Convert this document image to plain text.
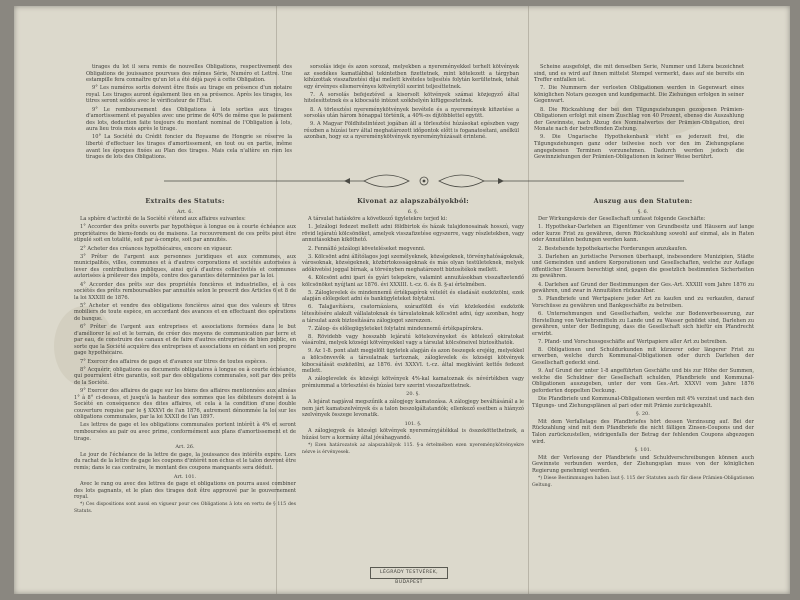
tirages du lot il sera remis de nouvelles Obligations, respectivement des Obligations de jouissance pourvues des mêmes Série, Numéro et Lettre. Une estampille fera connaître qu'un lot a été déjà payé à cette Obligation.

9° Les numéros sortis doivent être fixés au tirage en présence d'un notaire royal. Les tirages auront également lieu en sa présence. Après les tirages, les titres seront soldés avec le vérificateur de l'État.

9° Le remboursement des Obligations à lots sorties aux tirages d'amortissement et payables avec une prime de 40% de même que le paiement des lots, deduction faite toujours du montant nominal de l'Obligation à lots, aura lieu trois mois après le tirage.

10° La Société du Crédit foncier du Royaume de Hongrie se réserve la liberté d'effectuer les tirages d'amortissement, en tout ou en partie, même avant les époques fixées au Plan des tirages. Mais cela n'altère en rien les tirages de lots des Obligations.

sorsolás ideje és azon sorozat, melyekben a nyereményekkel terhelt kötvények az esedékes kamatlábbal tekintetben fizettetnek, mint kötelezett a tárgyban kihúzottak visszafizetési díjai mellett kivételes teljesítés folytán kerültetnek, tehát egy érvényes elismervényes kötvénytől szerint teljesíttetnek.

7. A sorsolás befejeztével a kisorsolt kötvények számai közjegyző által hitelesíttetnek és a kibocsátó intézet székhelyén kifüggesztetnek.

8. A törlesztési nyereménykötvények bevétele és a nyeremények kifizetése a sorsolás után három hónappal történik, a 40%-os díjtöbblettel együtt.

9. A Magyar Földhitelintézet jogában áll a törlesztési húzásokat egészben vagy részben a húzási terv által meghatározott időpontok előtt is foganatosítani, anélkül azonban, hogy ez a nyereménykötvények nyereményhúzásait érintené.

Scheine ausgefolgt, die mit denselben Serie, Nummer und Litera bezeichnet sind, und es wird auf ihnen mittelst Stempel vermerkt, dass auf sie bereits ein Treffer entfallen ist.

7. Die Nummern der verlosten Obligationen werden in Gegenwart eines königlichen Notars gezogen und kundgemacht. Die Ziehungen erfolgen in seiner Gegenwart.

8. Die Rückzahlung der bei den Tilgungsziehungen gezogenen Prämien-Obligationen erfolgt mit einem Zuschlag von 40 Prozent, ebenso die Auszahlung der Gewinnste, nach Abzug des Nominalwertes der Prämien-Obligation, drei Monate nach der betreffenden Ziehung.

9. Die Ungarische Hypothekenbank steht es jederzeit frei, die Tilgungsziehungen ganz oder teilweise noch vor den im Ziehungsplane angegebenen Terminen vorzunehmen. Dadurch werden jedoch die Gewinnziehungen der Prämien-Obligationen in keiner Weise berührt.

Extraits des Statuts:
Art. 6.

La sphère d'activité de la Société s'étend aux affaires suivantes:

1° Accorder des prêts ouverts par hypothèque à longue ou à courte échéance aux propriétaires de biens-fonds ou de maisons. Le recouvrement de ces prêts peut être stipulé soit en totalité, soit par à-compte, soit par annuités.

2° Acheter des créances hypothécaires, encore en vigueur.

3° Prêter de l'argent aux personnes juridiques et aux communes, aux municipalités, villes, communes et à d'autres corporations et sociétés autorisées à lever des contributions publiques, ainsi qu'à d'autres collectivités et communes autorisées à prélever des impôts, contre des garanties déterminées par la loi.

4° Accorder des prêts sur des propriétés foncières et industrielles, et à ces sociétés des prêts remboursables par annuités selon le prescrit des Articles 6 et 8 de la loi XXXIII de 1876.

5° Acheter et vendre des obligations foncières ainsi que des valeurs et titres mobiliers de toute espèce, en accordant des avances et en effectuant des opérations de banque.

6° Prêter de l'argent aux entreprises et associations formées dans le but d'améliorer le sol et le terrain, de créer des moyens de communication par terre et par eau, de construire des canaux et de faire d'autres entreprises de bien public, en sorte que la Société acquière des entreprises et associations en cédant en son propre gage hypothécaire.

7° Exercer des affaires de gage et d'avance sur titres de toutes espèces.

8° Acquérir, obligations ou documents obligataires à longue ou à courte échéance, qui pourraient être garantis, soit par des obligations communales, soit par des prêts de la Société.

9° Exercer des affaires de gage sur les biens des affaires mentionnées aux alinéas 1° à 8° ci-dessus, et jusqu'à la hauteur des sommes que les débiteurs doivent à la Société en conséquence des dites affaires, et cela à la condition d'une double couverture requise par le § XXXVI de l'an 1876, autrement dénommée la loi sur les obligations communales, par la loi XXXII de l'an 1897.

Les lettres de gage et les obligations communales portent intérêt à 4% et seront remboursées au pair ou avec prime, conformément aux plans d'amortissement et de tirage.

Art. 26.

Le jour de l'échéance de la lettre de gage, la jouissance des intérêts expire. Lors du rachat de la lettre de gage les coupons d'intérêt non échus et le talon devront être remis; dans le cas contraire, le montant des coupons manquants sera déduit.

Art. 101.

Avec le rang ou avec des lettres de gage et obligations on pourra aussi combiner des lots gagnants, et le plan des tirages doit être approuvé par le gouvernement royal.

*) Ces dispositions sont aussi en vigueur pour ces Obligations à lots en vertu de § 115 des Statuts.

Kivonat az alapszabályokból:
6. §.

A társulat hatásköre a következő ügyletekre terjed ki:

1. Jelzálogi fedezet mellett adni földbirtok és házak tulajdonosainak hosszú, vagy rövid lejáratú kölcsönöket, amelyek visszafizetése egyszerre, vagy részletekben, vagy annuitásokban kiköthető.

2. Fennálló jelzálogi követeléseket megvenni.

3. Kölcsönt adni állítólagos jogi személyeknek, községeknek, törvényhatóságoknak, városoknak, községeknek, közbirtokosságoknak és más olyan testületeknek, melyek adókivetési joggal bírnak, a törvényben meghatározott biztosítékok mellett.

4. Kölcsönt adni ipari és gyári telepekre, valamint annuitásokban visszafizetendő kölcsönöket nyújtani az 1876. évi XXXIII. t.-cz. 6. és 8. §-ai értelmében.

5. Záloglevelek és mindennemű értékpapírok vételét és eladását eszközölni, ezek alapján előlegeket adni és bankügyleteket folytatni.

6. Talajjavításra, csatornázásra, szárazföldi és vízi közlekedési eszközök létesítésére alakult vállalatoknak és társulatoknak kölcsönt adni, úgy azonban, hogy a társulat azok biztosítására zálogjogot szerezzen.

7. Zálog- és előlegügyleteket folytatni mindennemű értékpapírokra.

8. Rövidebb vagy hosszabb lejáratú kötelezvényeket és kötelező okiratokat vásárolni, melyek községi kötvényekkel vagy a társulat kölcsöneivel biztosíthatók.

9. Az 1-8. pont alatt megjelölt ügyletek alapján és azon összegek erejéig, melyekkel a kölcsönvevők a társulatnak tartoznak, záloglevelek és községi kötvények kibocsátását eszközölni, az 1876. évi XXXVI. t.-cz. által megkívánt kettős fedezet mellett.

A záloglevelek és községi kötvények 4%-kal kamatoznak és névértékben vagy prémiummal a törlesztési és húzási terv szerint visszafizettetnek.

20. §.

A lejárat napjával megszűnik a zálogjegy kamatozása. A zálogjegy beváltásánál a le nem járt kamatszelvények és a talon beszolgáltatandók; ellenkező esetben a hiányzó szelvények összege levonatik.

101. §.

A zálogjegyek és községi kötvények nyereményjátékkal is összeköttethetnek, a húzási terv a kormány által jóváhagyandó.

*) Ezen határozatok az alapszabályok 115. §-a értelmében ezen nyereménykötvényekre nézve is érvényesek.

Auszug aus den Statuten:
§. 6.

Der Wirkungskreis der Gesellschaft umfasst folgende Geschäfte:

1. Hypothekar-Darlehen an Eigentümer von Grundbesitz und Häusern auf lange oder kurze Frist zu gewähren, deren Rückzahlung sowohl auf einmal, als in Raten oder Annuitäten bedungen werden kann.

2. Bestehende hypothekarische Forderungen anzukaufen.

3. Darlehen an juristische Personen überhaupt, insbesondere Munizipien, Städte und Gemeinden und andere Korporationen und Gesellschaften, welche zur Auflage öffentlicher Steuern berechtigt sind, gegen die gesetzlich bestimmten Sicherheiten zu gewähren.

4. Darlehen auf Grund der Bestimmungen der Ges.-Art. XXXIII vom Jahre 1876 zu gewähren, und zwar in Annuitäten rückzahlbar.

5. Pfandbriefe und Wertpapiere jeder Art zu kaufen und zu verkaufen, darauf Vorschüsse zu gewähren und Bankgeschäfte zu betreiben.

6. Unternehmungen und Gesellschaften, welche zur Bodenverbesserung, zur Herstellung von Verkehrsmitteln zu Lande und zu Wasser gebildet sind, Darlehen zu gewähren, unter der Bedingung, dass die Gesellschaft sich hiefür ein Pfandrecht erwirbt.

7. Pfand- und Vorschussgeschäfte auf Wertpapiere aller Art zu betreiben.

8. Obligationen und Schuldurkunden mit kürzerer oder längerer Frist zu erwerben, welche durch Kommunal-Obligationen oder durch Darlehen der Gesellschaft gedeckt sind.

9. Auf Grund der unter 1-8 angeführten Geschäfte und bis zur Höhe der Summen, welche die Schuldner der Gesellschaft schulden, Pfandbriefe und Kommunal-Obligationen auszugeben, unter der vom Ges.-Art. XXXVI vom Jahre 1876 geforderten doppelten Deckung.

Die Pfandbriefe und Kommunal-Obligationen werden mit 4% verzinst und nach den Tilgungs- und Ziehungsplänen al pari oder mit Prämie zurückgezahlt.

§. 20.

Mit dem Verfallstage des Pfandbriefes hört dessen Verzinsung auf. Bei der Rückzahlung sind mit dem Pfandbriefe die nicht fälligen Zinsen-Coupons und der Talon zurückzustellen, widrigenfalls der Betrag der fehlenden Coupons abgezogen wird.

§. 101.

Mit der Verlosung der Pfandbriefe und Schuldverschreibungen können auch Gewinnste verbunden werden, der Ziehungsplan muss von der königlichen Regierung genehmigt werden.

*) Diese Bestimmungen haben laut §. 115 der Statuten auch für diese Prämien-Obligationen Geltung.

LÉGRÁDY TESTVÉREK, BUDAPEST
